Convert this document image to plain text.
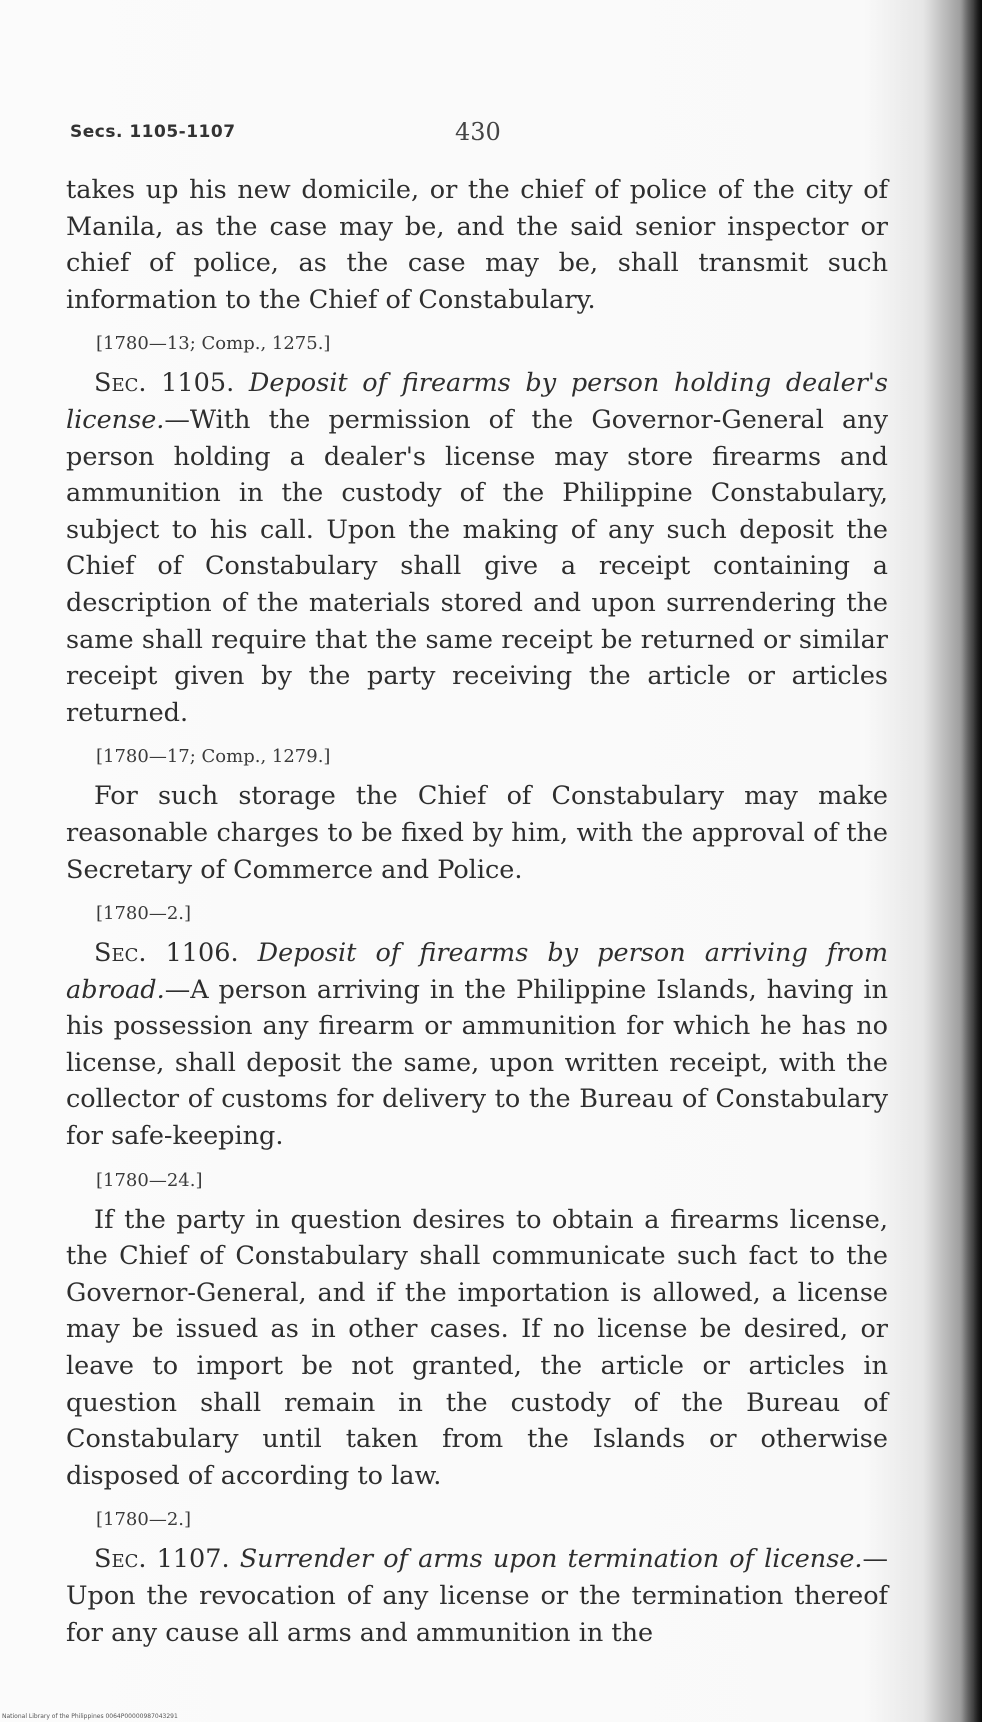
Secs. 1105-1107	430

takes up his new domicile, or the chief of police of the city of Manila, as the case may be, and the said senior inspector or chief of police, as the case may be, shall transmit such information to the Chief of Constabulary.

[1780—13; Comp., 1275.]

Sec. 1105. Deposit of firearms by person holding dealer's license.—With the permission of the Governor-General any person holding a dealer's license may store firearms and ammunition in the custody of the Philippine Constabulary, subject to his call. Upon the making of any such deposit the Chief of Constabulary shall give a receipt containing a description of the materials stored and upon surrendering the same shall require that the same receipt be returned or similar receipt given by the party receiving the article or articles returned.

[1780—17; Comp., 1279.]

For such storage the Chief of Constabulary may make reasonable charges to be fixed by him, with the approval of the Secretary of Commerce and Police.

[1780—2.]

Sec. 1106. Deposit of firearms by person arriving from abroad.—A person arriving in the Philippine Islands, having in his possession any firearm or ammunition for which he has no license, shall deposit the same, upon written receipt, with the collector of customs for delivery to the Bureau of Constabulary for safe-keeping.

[1780—24.]

If the party in question desires to obtain a firearms license, the Chief of Constabulary shall communicate such fact to the Governor-General, and if the importation is allowed, a license may be issued as in other cases. If no license be desired, or leave to import be not granted, the article or articles in question shall remain in the custody of the Bureau of Constabulary until taken from the Islands or otherwise disposed of according to law.

[1780—2.]

Sec. 1107. Surrender of arms upon termination of license.—Upon the revocation of any license or the termination thereof for any cause all arms and ammunition in the

National Library of the Philippines 0064P00000987043291
